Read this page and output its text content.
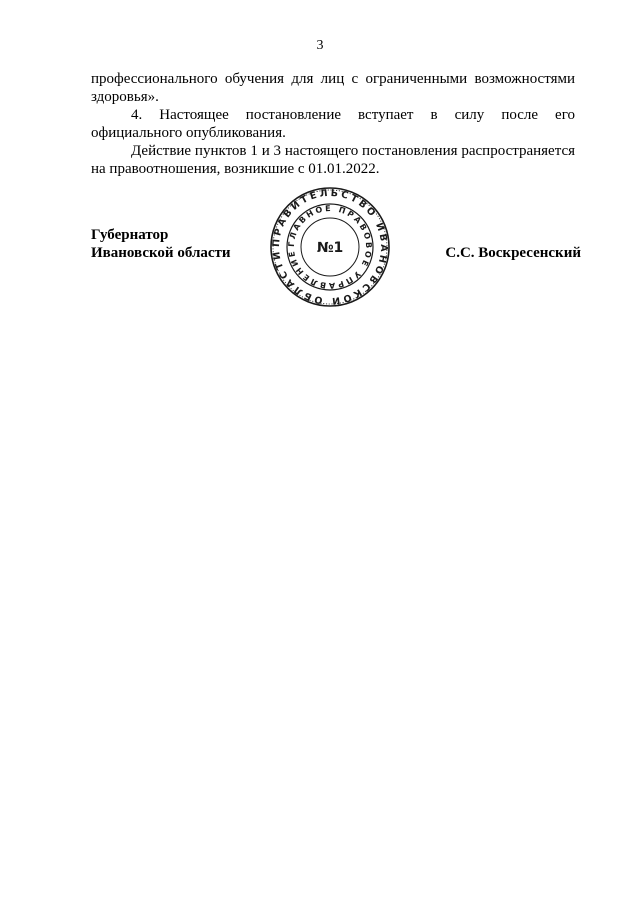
3

профессионального обучения для лиц с ограниченными возможностями

здоровья».

4. Настоящее постановление вступает в силу после его официального опубликования.

Действие пунктов 1 и 3 настоящего постановления распространяется на правоотношения, возникшие с 01.01.2022.

Губернатор
Ивановской области	С.С. Воскресенский
ПРАВИТЕЛЬСТВО ИВАНОВСКОЙ ОБЛАСТИ
ГЛАВНОЕ ПРАВОВОЕ УПРАВЛЕНИЕ	№1
